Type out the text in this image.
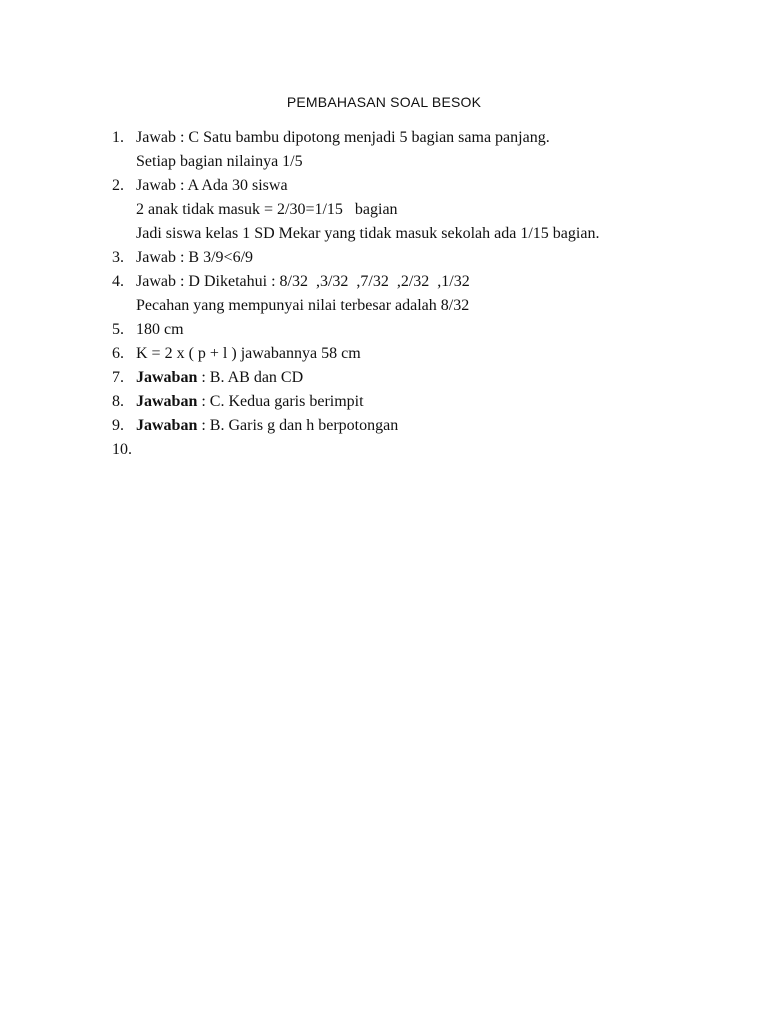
PEMBAHASAN SOAL BESOK
1. Jawab : C Satu bambu dipotong menjadi 5 bagian sama panjang.
Setiap bagian nilainya 1/5
2. Jawab : A Ada 30 siswa
2 anak tidak masuk = 2/30=1/15   bagian
Jadi siswa kelas 1 SD Mekar yang tidak masuk sekolah ada 1/15 bagian.
3. Jawab : B 3/9<6/9
4. Jawab : D Diketahui : 8/32  ,3/32  ,7/32  ,2/32  ,1/32
Pecahan yang mempunyai nilai terbesar adalah 8/32
5. 180 cm
6. K = 2 x ( p + l ) jawabannya 58 cm
7. Jawaban : B. AB dan CD
8. Jawaban : C. Kedua garis berimpit
9. Jawaban : B. Garis g dan h berpotongan
10.
